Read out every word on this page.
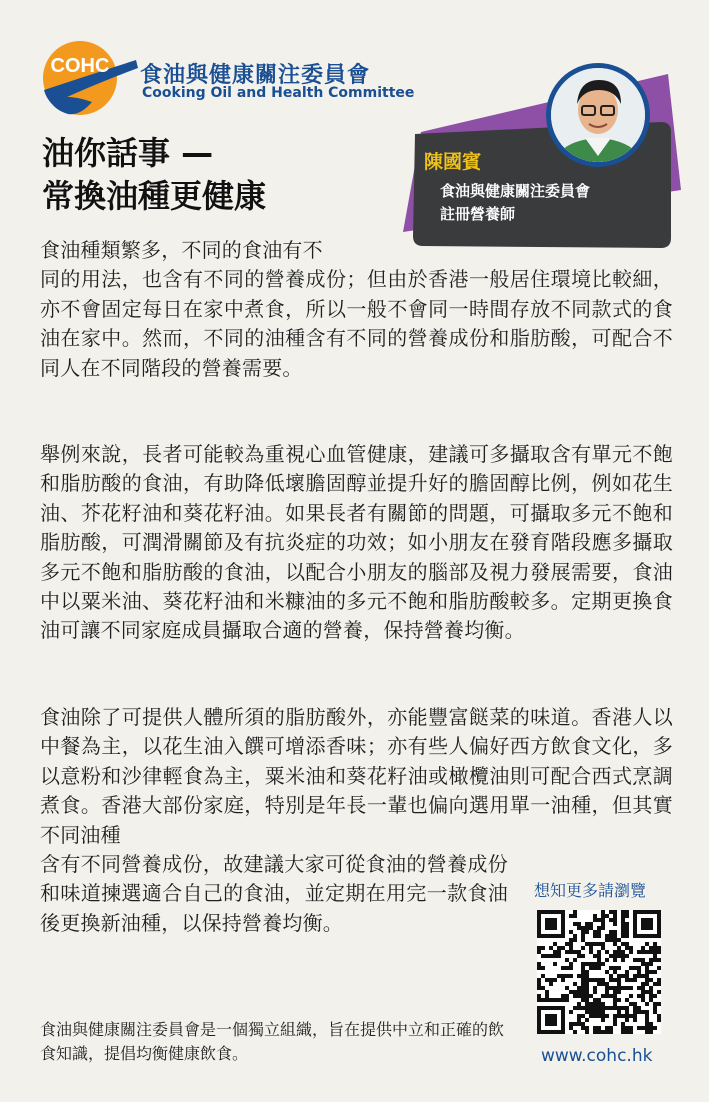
COHC 食油與健康關注委員會
Cooking Oil and Health Committee
油你話事 —
常換油種更健康
陳國賓
食油與健康關注委員會
註冊營養師
食油種類繁多，不同的食油有不
同的用法，也含有不同的營養成份；但由於香港一般居住環境比較細，亦不會固定每日在家中煮食，所以一般不會同一時間存放不同款式的食油在家中。然而，不同的油種含有不同的營養成份和脂肪酸，可配合不同人在不同階段的營養需要。

舉例來說，長者可能較為重視心血管健康，建議可多攝取含有單元不飽和脂肪酸的食油，有助降低壞膽固醇並提升好的膽固醇比例，例如花生油、芥花籽油和葵花籽油。如果長者有關節的問題，可攝取多元不飽和脂肪酸，可潤滑關節及有抗炎症的功效；如小朋友在發育階段應多攝取多元不飽和脂肪酸的食油，以配合小朋友的腦部及視力發展需要，食油中以粟米油、葵花籽油和米糠油的多元不飽和脂肪酸較多。定期更換食油可讓不同家庭成員攝取合適的營養，保持營養均衡。

食油除了可提供人體所須的脂肪酸外，亦能豐富餸菜的味道。香港人以中餐為主，以花生油入饌可增添香味；亦有些人偏好西方飲食文化，多以意粉和沙律輕食為主，粟米油和葵花籽油或橄欖油則可配合西式烹調煮食。香港大部份家庭，特別是年長一輩也偏向選用單一油種，但其實不同油種

含有不同營養成份，故建議大家可從食油的營養成份和味道揀選適合自己的食油，並定期在用完一款食油後更換新油種，以保持營養均衡。

食油與健康關注委員會是一個獨立組織，旨在提供中立和正確的飲食知識，提倡均衡健康飲食。
想知更多請瀏覽
www.cohc.hk
